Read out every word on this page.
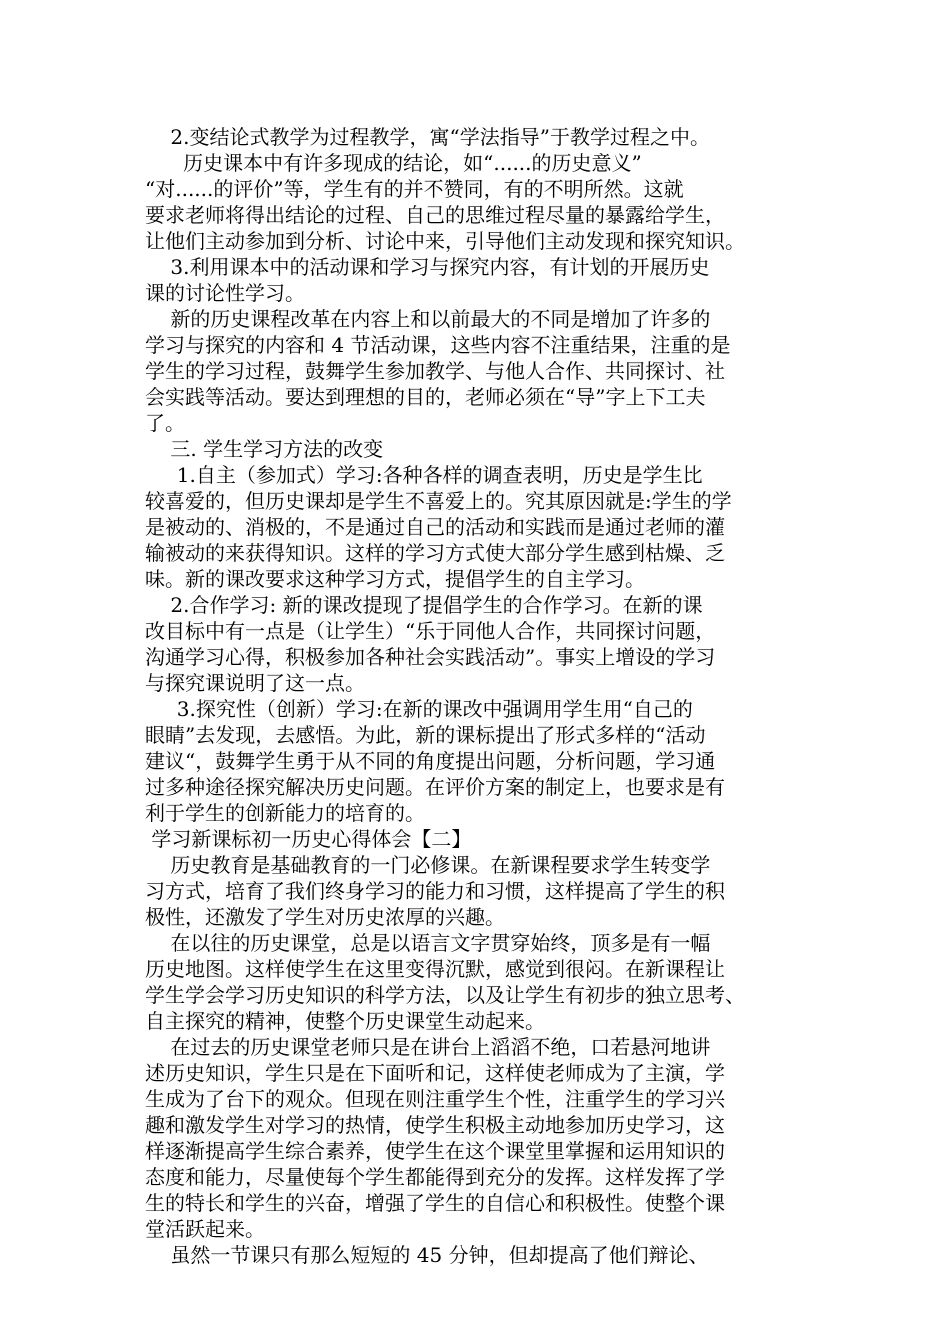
2.变结论式教学为过程教学，寓“学法指导”于教学过程之中。
历史课本中有许多现成的结论，如“......的历史意义”
“对......的评价”等，学生有的并不赞同，有的不明所然。这就
要求老师将得出结论的过程、自己的思维过程尽量的暴露给学生，
让他们主动参加到分析、讨论中来，引导他们主动发现和探究知识。
3.利用课本中的活动课和学习与探究内容，有计划的开展历史
课的讨论性学习。
新的历史课程改革在内容上和以前最大的不同是增加了许多的
学习与探究的内容和 4 节活动课，这些内容不注重结果，注重的是
学生的学习过程，鼓舞学生参加教学、与他人合作、共同探讨、社
会实践等活动。要达到理想的目的，老师必须在“导”字上下工夫
了。
三. 学生学习方法的改变
1.自主（参加式）学习:各种各样的调查表明，历史是学生比
较喜爱的，但历史课却是学生不喜爱上的。究其原因就是:学生的学
是被动的、消极的，不是通过自己的活动和实践而是通过老师的灌
输被动的来获得知识。这样的学习方式使大部分学生感到枯燥、乏
味。新的课改要求这种学习方式，提倡学生的自主学习。
2.合作学习: 新的课改提现了提倡学生的合作学习。在新的课
改目标中有一点是（让学生）“乐于同他人合作，共同探讨问题，
沟通学习心得，积极参加各种社会实践活动”。事实上增设的学习
与探究课说明了这一点。
3.探究性（创新）学习:在新的课改中强调用学生用“自己的
眼睛”去发现，去感悟。为此，新的课标提出了形式多样的“活动
建议“，鼓舞学生勇于从不同的角度提出问题，分析问题，学习通
过多种途径探究解决历史问题。在评价方案的制定上，也要求是有
利于学生的创新能力的培育的。
学习新课标初一历史心得体会【二】
历史教育是基础教育的一门必修课。在新课程要求学生转变学
习方式，培育了我们终身学习的能力和习惯，这样提高了学生的积
极性，还激发了学生对历史浓厚的兴趣。
在以往的历史课堂，总是以语言文字贯穿始终，顶多是有一幅
历史地图。这样使学生在这里变得沉默，感觉到很闷。在新课程让
学生学会学习历史知识的科学方法，以及让学生有初步的独立思考、
自主探究的精神，使整个历史课堂生动起来。
在过去的历史课堂老师只是在讲台上滔滔不绝，口若悬河地讲
述历史知识，学生只是在下面听和记，这样使老师成为了主演，学
生成为了台下的观众。但现在则注重学生个性，注重学生的学习兴
趣和激发学生对学习的热情，使学生积极主动地参加历史学习，这
样逐渐提高学生综合素养，使学生在这个课堂里掌握和运用知识的
态度和能力，尽量使每个学生都能得到充分的发挥。这样发挥了学
生的特长和学生的兴奋，增强了学生的自信心和积极性。使整个课
堂活跃起来。
虽然一节课只有那么短短的 45 分钟，但却提高了他们辩论、
